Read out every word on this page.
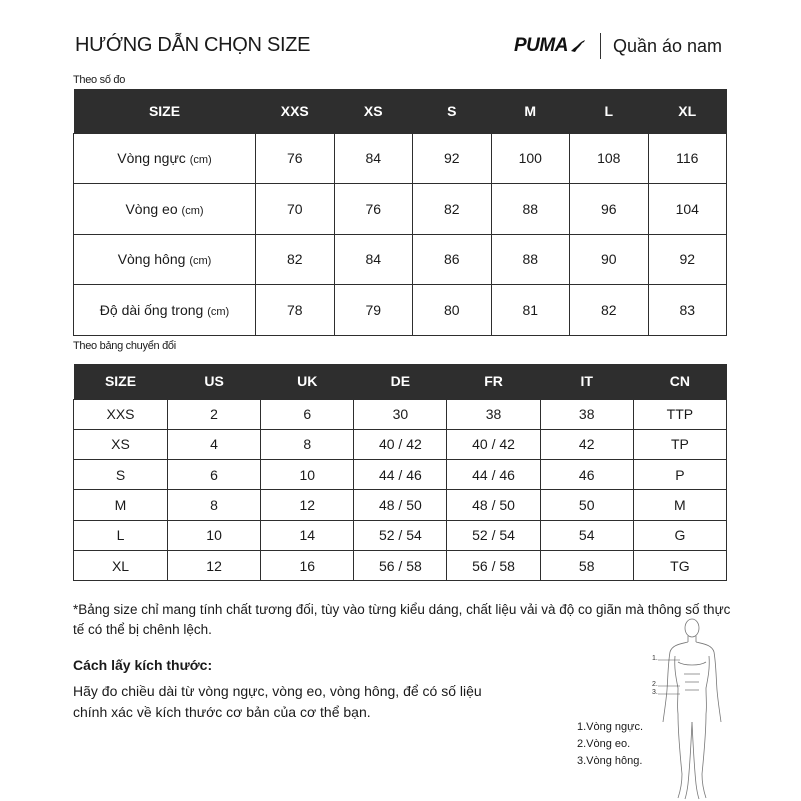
HƯỚNG DẪN CHỌN SIZE	PUMA	Quần áo nam
Theo số đo
SIZE	XXS	XS	S	M	L	XL
Vòng ngực (cm)	76	84	92	100	108	116
Vòng eo (cm)	70	76	82	88	96	104
Vòng hông (cm)	82	84	86	88	90	92
Độ dài ống trong (cm)	78	79	80	81	82	83
Theo bảng chuyển đổi
SIZE	US	UK	DE	FR	IT	CN
XXS	2	6	30	38	38	TTP
XS	4	8	40 / 42	40 / 42	42	TP
S	6	10	44 / 46	44 / 46	46	P
M	8	12	48 / 50	48 / 50	50	M
L	10	14	52 / 54	52 / 54	54	G
XL	12	16	56 / 58	56 / 58	58	TG
*Bảng size chỉ mang tính chất tương đối, tùy vào từng kiểu dáng, chất liệu vải và độ co giãn mà thông số thực tế có thể bị chênh lệch.
Cách lấy kích thước:
Hãy đo chiều dài từ vòng ngực, vòng eo, vòng hông, để có số liệu chính xác về kích thước cơ bản của cơ thể bạn.
1.
2.
3.
1.Vòng ngực.
2.Vòng eo.
3.Vòng hông.
